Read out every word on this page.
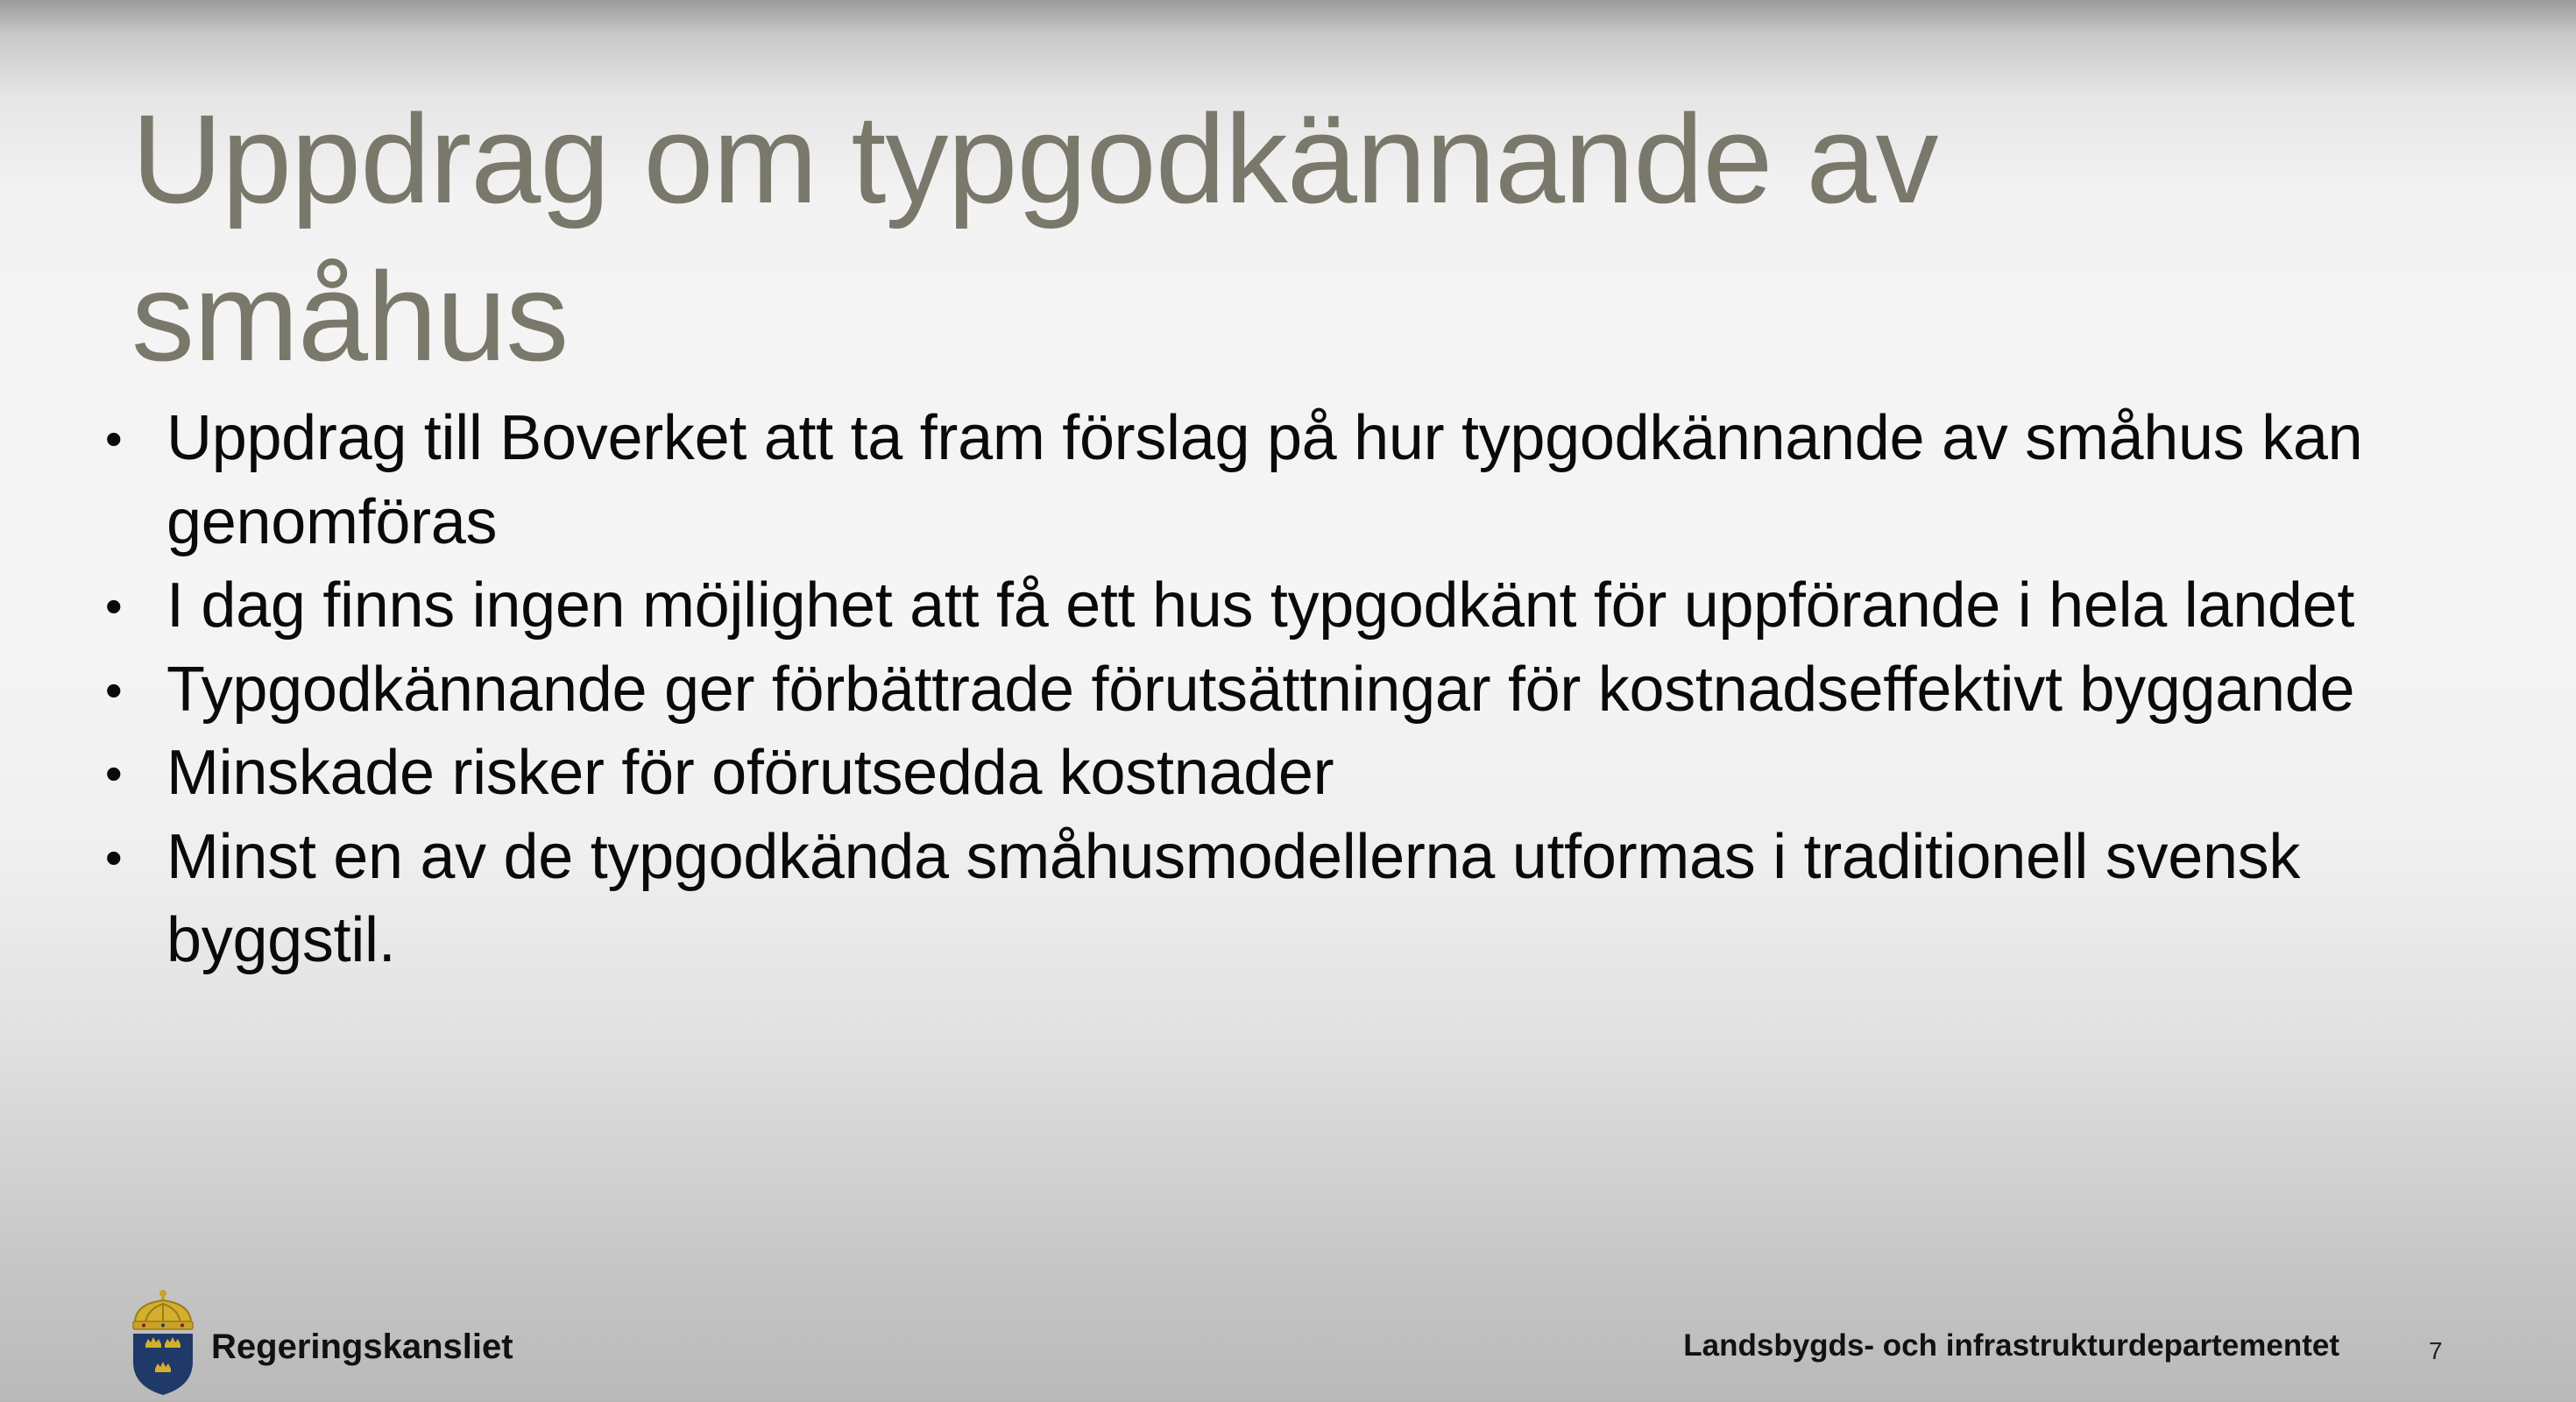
Uppdrag om typgodkännande av småhus
• Uppdrag till Boverket att ta fram förslag på hur typgodkännande av småhus kan genomföras
• I dag finns ingen möjlighet att få ett hus typgodkänt för uppförande i hela landet
• Typgodkännande ger förbättrade förutsättningar för kostnadseffektivt byggande
• Minskade risker för oförutsedda kostnader
• Minst en av de typgodkända småhusmodellerna utformas i traditionell svensk byggstil.
Regeringskansliet	Landsbygds- och infrastrukturdepartementet	7
